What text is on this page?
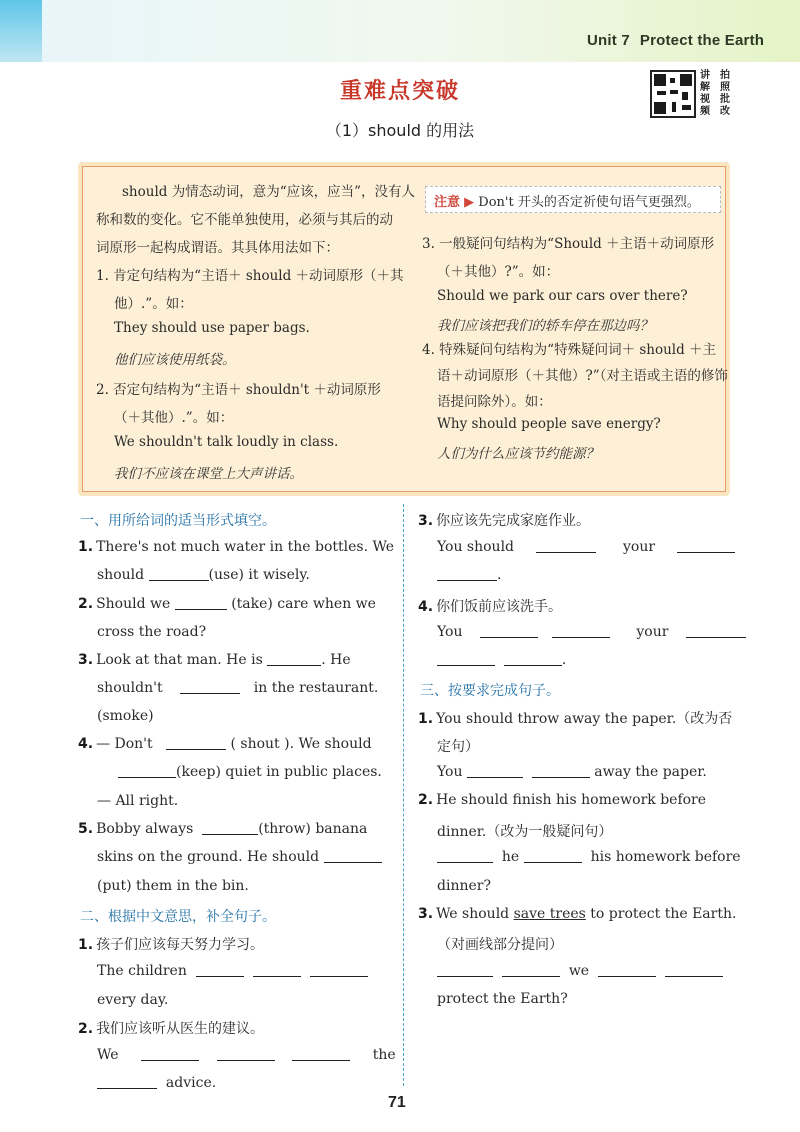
Unit 7 Protect the Earth
重难点突破
（1）should 的用法
讲 拍
解 照
视 批
频 改
should 为情态动词，意为“应该，应当”，没有人
称和数的变化。它不能单独使用，必须与其后的动
词原形一起构成谓语。其具体用法如下：
1. 肯定句结构为“主语＋ should ＋动词原形（＋其
他）.”。如：
They should use paper bags.
他们应该使用纸袋。
2. 否定句结构为“主语＋ shouldn't ＋动词原形
（＋其他）.”。如：
We shouldn't talk loudly in class.
我们不应该在课堂上大声讲话。
注意 ▶ Don't 开头的否定祈使句语气更强烈。
3. 一般疑问句结构为“Should ＋主语＋动词原形
（＋其他）?”。如：
Should we park our cars over there?
我们应该把我们的轿车停在那边吗？
4. 特殊疑问句结构为“特殊疑问词＋ should ＋主
语＋动词原形（＋其他）?”（对主语或主语的修饰
语提问除外）。如：
Why should people save energy?
人们为什么应该节约能源？
一、用所给词的适当形式填空。
1. There's not much water in the bottles. We
should	(use) it wisely.
2. Should we	(take) care when we
cross the road?
3. Look at that man. He is	. He
shouldn't	in the restaurant.
(smoke)
4. — Don't	( shout ). We should
(keep) quiet in public places.
— All right.
5. Bobby always	(throw) banana
skins on the ground. He should
(put) them in the bin.
二、根据中文意思，补全句子。
1. 孩子们应该每天努力学习。
The children
every day.
2. 我们应该听从医生的建议。
We	the
advice.
3. 你应该先完成家庭作业。
You should	your
.
4. 你们饭前应该洗手。
You	your
.
三、按要求完成句子。
1. You should throw away the paper.（改为否
定句）
You	away the paper.
2. He should finish his homework before
dinner.（改为一般疑问句）
he	his homework before
dinner?
3. We should save trees to protect the Earth.
（对画线部分提问）
we
protect the Earth?
71
